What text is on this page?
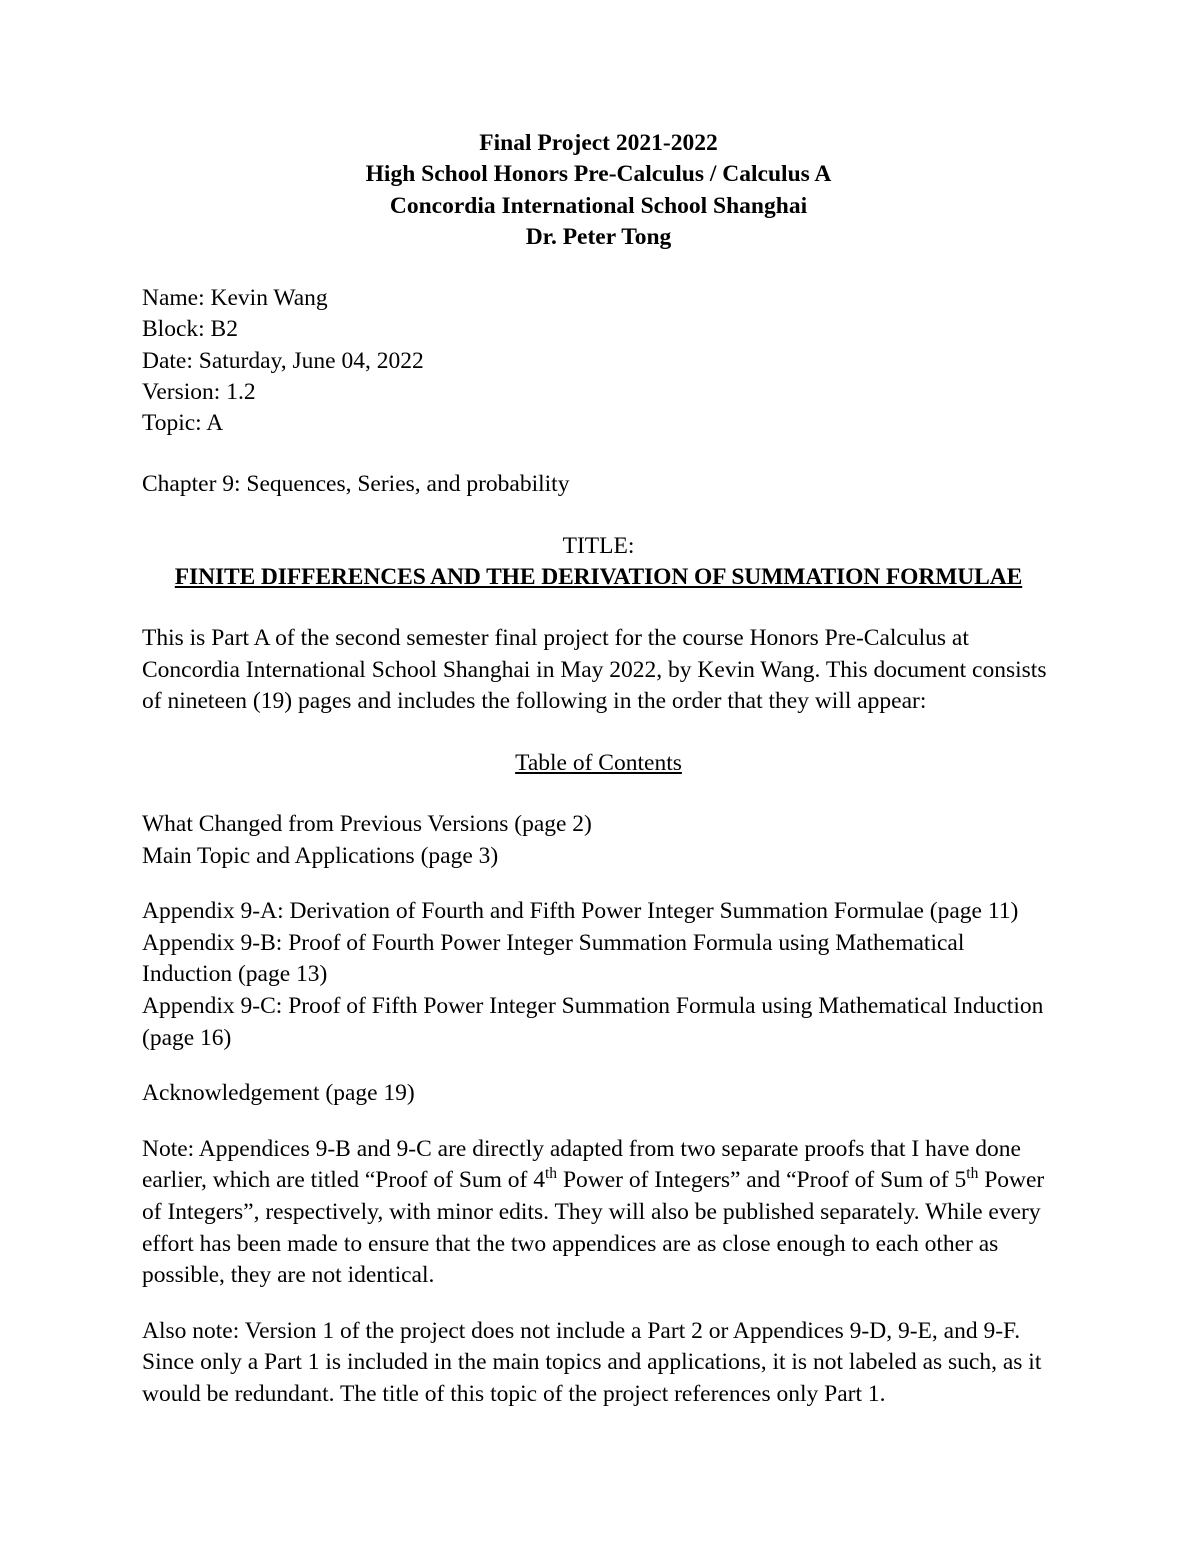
Final Project 2021-2022
High School Honors Pre-Calculus / Calculus A
Concordia International School Shanghai
Dr. Peter Tong
Name: Kevin Wang
Block: B2
Date: Saturday, June 04, 2022
Version: 1.2
Topic: A
Chapter 9: Sequences, Series, and probability
TITLE:
FINITE DIFFERENCES AND THE DERIVATION OF SUMMATION FORMULAE

This is Part A of the second semester final project for the course Honors Pre-Calculus at Concordia International School Shanghai in May 2022, by Kevin Wang. This document consists of nineteen (19) pages and includes the following in the order that they will appear:

Table of Contents
What Changed from Previous Versions (page 2)
Main Topic and Applications (page 3)
Appendix 9-A: Derivation of Fourth and Fifth Power Integer Summation Formulae (page 11)
Appendix 9-B: Proof of Fourth Power Integer Summation Formula using Mathematical Induction (page 13)
Appendix 9-C: Proof of Fifth Power Integer Summation Formula using Mathematical Induction (page 16)
Acknowledgement (page 19)

Note: Appendices 9-B and 9-C are directly adapted from two separate proofs that I have done earlier, which are titled “Proof of Sum of 4th Power of Integers” and “Proof of Sum of 5th Power of Integers”, respectively, with minor edits. They will also be published separately. While every effort has been made to ensure that the two appendices are as close enough to each other as possible, they are not identical.

Also note: Version 1 of the project does not include a Part 2 or Appendices 9-D, 9-E, and 9-F. Since only a Part 1 is included in the main topics and applications, it is not labeled as such, as it would be redundant. The title of this topic of the project references only Part 1.
